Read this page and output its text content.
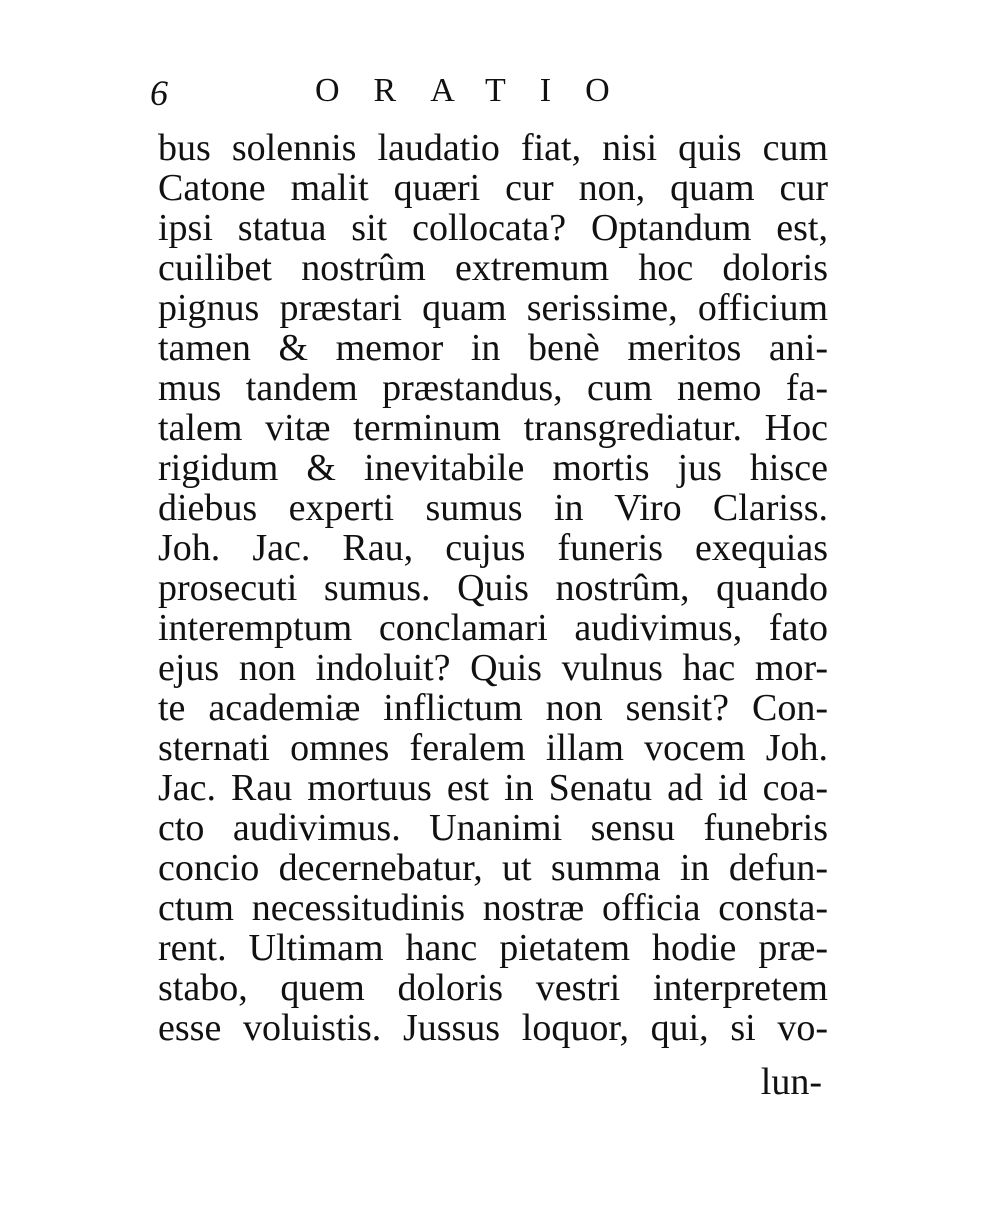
6	ORATIO
bus solennis laudatio fiat, nisi quis cum
Catone malit quæri cur non, quam cur
ipsi statua sit collocata? Optandum est,
cuilibet nostrûm extremum hoc doloris
pignus præstari quam serissime, officium
tamen & memor in benè meritos ani-
mus tandem præstandus, cum nemo fa-
talem vitæ terminum transgrediatur. Hoc
rigidum & inevitabile mortis jus hisce
diebus experti sumus in Viro Clariss.
Joh. Jac. Rau, cujus funeris exequias
prosecuti sumus. Quis nostrûm, quando
interemptum conclamari audivimus, fato
ejus non indoluit? Quis vulnus hac mor-
te academiæ inflictum non sensit? Con-
sternati omnes feralem illam vocem Joh.
Jac. Rau mortuus est in Senatu ad id coa-
cto audivimus. Unanimi sensu funebris
concio decernebatur, ut summa in defun-
ctum necessitudinis nostræ officia consta-
rent. Ultimam hanc pietatem hodie præ-
stabo, quem doloris vestri interpretem
esse voluistis. Jussus loquor, qui, si vo-
lun-
